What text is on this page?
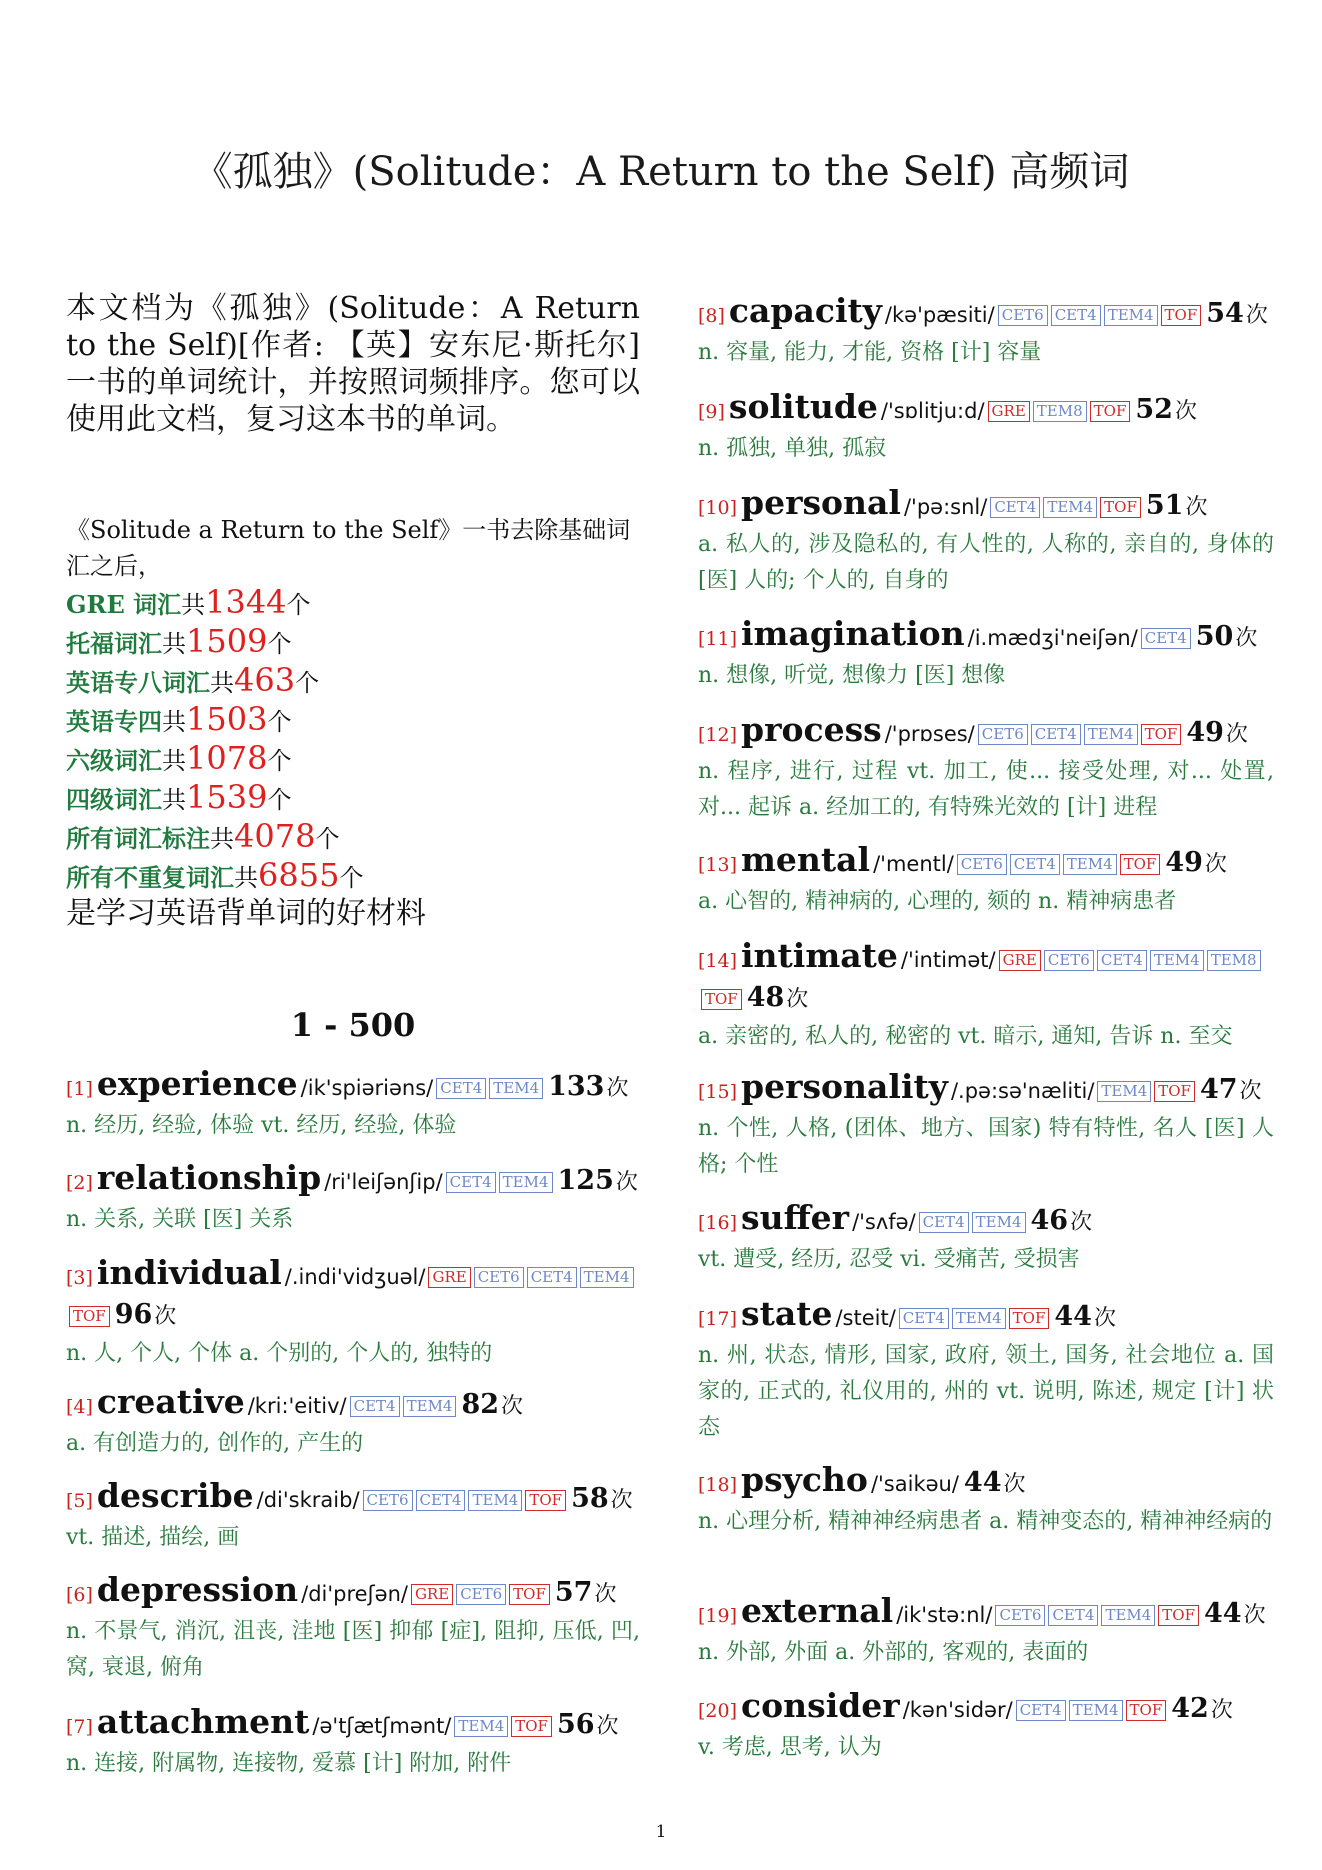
《孤独》(Solitude：A Return to the Self) 高频词
本文档为《孤独》(Solitude：A Return to the Self)[作者: 【英】安东尼·斯托尔] 一书的单词统计，并按照词频排序。您可以使用此文档，复习这本书的单词。
《Solitude a Return to the Self》一书去除基础词汇之后，
GRE 词汇共1344个
托福词汇共1509个
英语专八词汇共463个
英语专四共1503个
六级词汇共1078个
四级词汇共1539个
所有词汇标注共4078个
所有不重复词汇共6855个
是学习英语背单词的好材料
1 - 500
[1] experience /ik'spiəriəns/ CET4 TEM4 133次
n. 经历, 经验, 体验 vt. 经历, 经验, 体验
[2] relationship /ri'leiʃənʃip/ CET4 TEM4 125次
n. 关系, 关联 [医] 关系
[3] individual /.indi'vidʒuəl/ GRE CET6 CET4 TEM4TOF 96次
n. 人, 个人, 个体 a. 个别的, 个人的, 独特的
[4] creative /kri:'eitiv/ CET4 TEM4 82次
a. 有创造力的, 创作的, 产生的
[5] describe /di'skraib/ CET6 CET4 TEM4 TOF 58次
vt. 描述, 描绘, 画
[6] depression /di'preʃən/ GRE CET6 TOF 57次
n. 不景气, 消沉, 沮丧, 洼地 [医] 抑郁 [症], 阻抑, 压低, 凹, 窝, 衰退, 俯角
[7] attachment /ə'tʃætʃmənt/ TEM4 TOF 56次
n. 连接, 附属物, 连接物, 爱慕 [计] 附加, 附件
[8] capacity /kə'pæsiti/ CET6 CET4 TEM4 TOF 54次
n. 容量, 能力, 才能, 资格 [计] 容量
[9] solitude /'sɒlitju:d/ GRE TEM8 TOF 52次
n. 孤独, 单独, 孤寂
[10] personal /'pə:snl/ CET4 TEM4 TOF 51次
a. 私人的, 涉及隐私的, 有人性的, 人称的, 亲自的, 身体的 [医] 人的; 个人的, 自身的
[11] imagination /i.mædʒi'neiʃən/ CET4 50次
n. 想像, 听觉, 想像力 [医] 想像
[12] process /'prɒses/ CET6 CET4 TEM4 TOF 49次
n. 程序, 进行, 过程 vt. 加工, 使... 接受处理, 对... 处置, 对... 起诉 a. 经加工的, 有特殊光效的 [计] 进程
[13] mental /'mentl/ CET6 CET4 TEM4 TOF 49次
a. 心智的, 精神病的, 心理的, 颏的 n. 精神病患者
[14] intimate /'intimət/ GRE CET6 CET4 TEM4 TEM8TOF 48次
a. 亲密的, 私人的, 秘密的 vt. 暗示, 通知, 告诉 n. 至交
[15] personality /.pə:sə'næliti/ TEM4 TOF 47次
n. 个性, 人格, (团体、地方、国家) 特有特性, 名人 [医] 人格; 个性
[16] suffer /'sʌfə/ CET4 TEM4 46次
vt. 遭受, 经历, 忍受 vi. 受痛苦, 受损害
[17] state /steit/ CET4 TEM4 TOF 44次
n. 州, 状态, 情形, 国家, 政府, 领土, 国务, 社会地位 a. 国家的, 正式的, 礼仪用的, 州的 vt. 说明, 陈述, 规定 [计] 状态
[18] psycho /'saikəu/ 44次
n. 心理分析, 精神神经病患者 a. 精神变态的, 精神神经病的
[19] external /ik'stə:nl/ CET6 CET4 TEM4 TOF 44次
n. 外部, 外面 a. 外部的, 客观的, 表面的
[20] consider /kən'sidər/ CET4 TEM4 TOF 42次
v. 考虑, 思考, 认为
1
